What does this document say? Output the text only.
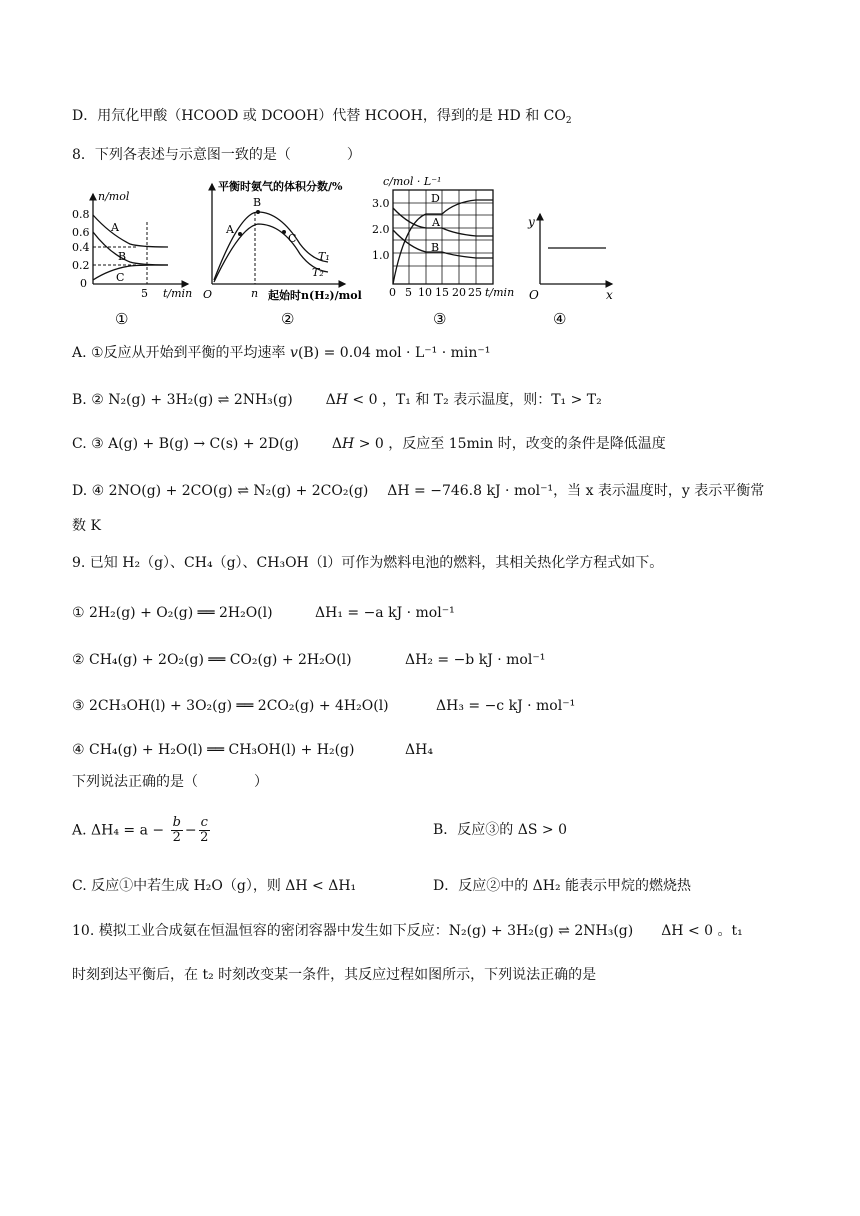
D．用氘化甲酸（HCOOD 或 DCOOH）代替 HCOOH，得到的是 HD 和 $CO_2$
8．下列各表述与示意图一致的是（　　　　）
n/mol
0.8
0.6
0.4
0.2
0
A
B
C
5 t/min
平衡时氨气的体积分数/%
A
B
C
T₁
T₂
O	n 起始时n(H₂)/mol
c/mol · L⁻¹
3.0
2.0
1.0
D
A
B
0 5 10 15 20 25 t/min
y
O	x
①	②	③	④
A. ①反应从开始到平衡的平均速率 v(B) = 0.04 mol · L⁻¹ · min⁻¹
B. ② N₂(g) + 3H₂(g) ⇌ 2NH₃(g) ΔH < 0 ，T₁ 和 T₂ 表示温度，则：T₁ > T₂
C. ③ A(g) + B(g) → C(s) + 2D(g) ΔH > 0 ，反应至 15min 时，改变的条件是降低温度
D. ④ 2NO(g) + 2CO(g) ⇌ N₂(g) + 2CO₂(g) ΔH = −746.8 kJ · mol⁻¹，当 x 表示温度时，y 表示平衡常
数 K
9. 已知 H₂（g）、CH₄（g）、CH₃OH（l）可作为燃料电池的燃料，其相关热化学方程式如下。
① 2H₂(g) + O₂(g) ══ 2H₂O(l)	ΔH₁ = −a kJ · mol⁻¹
② CH₄(g) + 2O₂(g) ══ CO₂(g) + 2H₂O(l)	ΔH₂ = −b kJ · mol⁻¹
③ 2CH₃OH(l) + 3O₂(g) ══ 2CO₂(g) + 4H₂O(l)	ΔH₃ = −c kJ · mol⁻¹
④ CH₄(g) + H₂O(l) ══ CH₃OH(l) + H₂(g)	ΔH₄
下列说法正确的是（　　　　）
A. $\Delta H_4 = a - \frac{b}{2} - \frac{c}{2}$	B．反应③的 ΔS > 0
C. 反应①中若生成 H₂O（g），则 ΔH < ΔH₁	D．反应②中的 ΔH₂ 能表示甲烷的燃烧热
10. 模拟工业合成氨在恒温恒容的密闭容器中发生如下反应：N₂(g) + 3H₂(g) ⇌ 2NH₃(g)　　ΔH < 0 。t₁
时刻到达平衡后，在 t₂ 时刻改变某一条件，其反应过程如图所示，下列说法正确的是
